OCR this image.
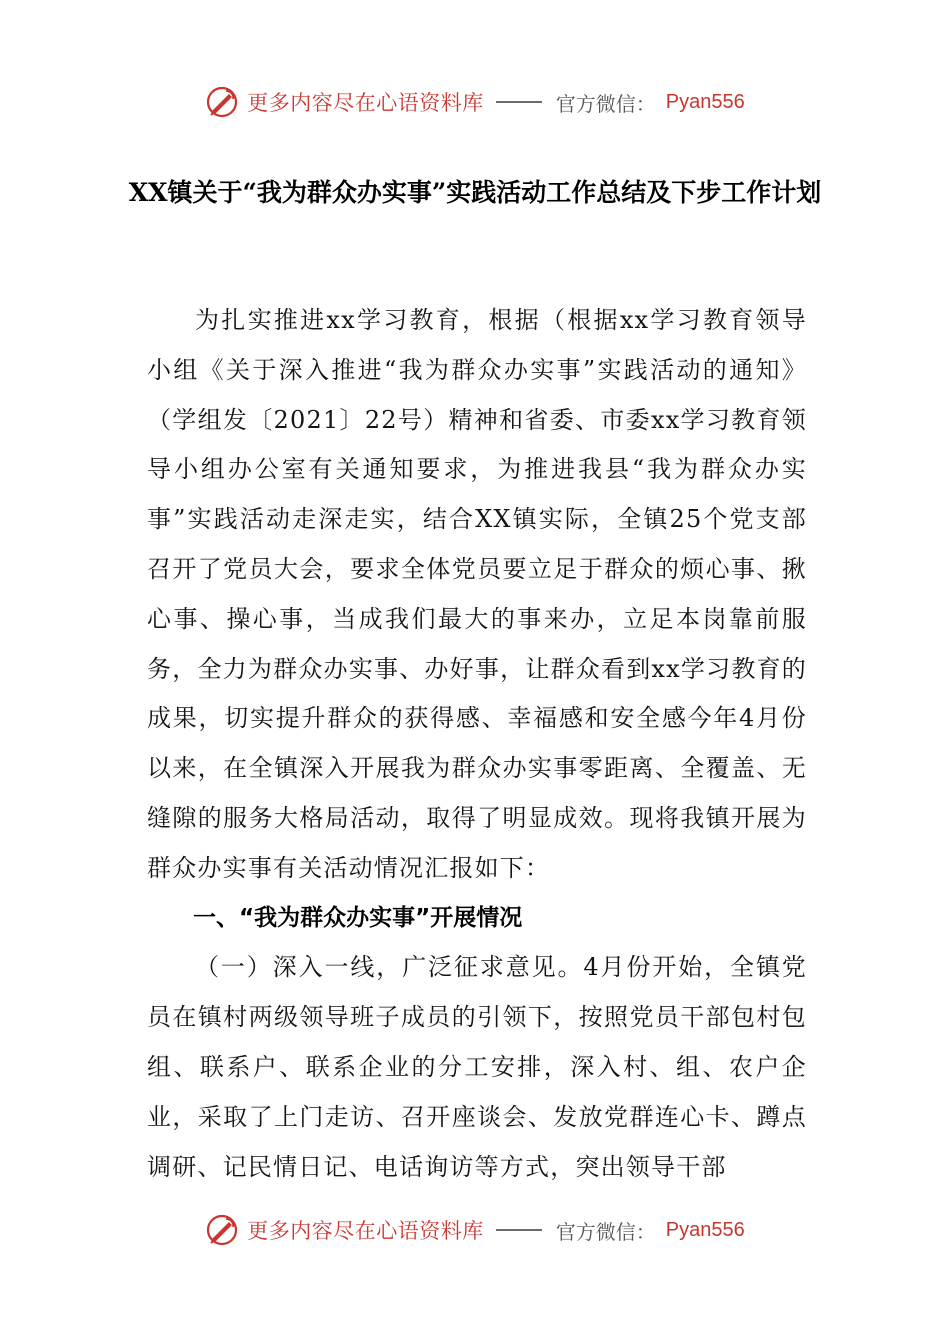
更多内容尽在心语资料库	官方微信： Pyan556
XX镇关于“我为群众办实事”实践活动工作总结及下步工作计划

为扎实推进xx学习教育，根据（根据xx学习教育领导小组《关于深入推进“我为群众办实事”实践活动的通知》（学组发〔2021〕22号）精神和省委、市委xx学习教育领导小组办公室有关通知要求，为推进我县“我为群众办实事”实践活动走深走实，结合XX镇实际，全镇25个党支部召开了党员大会，要求全体党员要立足于群众的烦心事、揪心事、操心事，当成我们最大的事来办，立足本岗靠前服务，全力为群众办实事、办好事，让群众看到xx学习教育的成果，切实提升群众的获得感、幸福感和安全感今年4月份以来，在全镇深入开展我为群众办实事零距离、全覆盖、无缝隙的服务大格局活动，取得了明显成效。现将我镇开展为群众办实事有关活动情况汇报如下：

一、“我为群众办实事”开展情况

（一）深入一线，广泛征求意见。4月份开始，全镇党员在镇村两级领导班子成员的引领下，按照党员干部包村包组、联系户、联系企业的分工安排，深入村、组、农户企业，采取了上门走访、召开座谈会、发放党群连心卡、蹲点调研、记民情日记、电话询访等方式，突出领导干部

更多内容尽在心语资料库	官方微信： Pyan556
